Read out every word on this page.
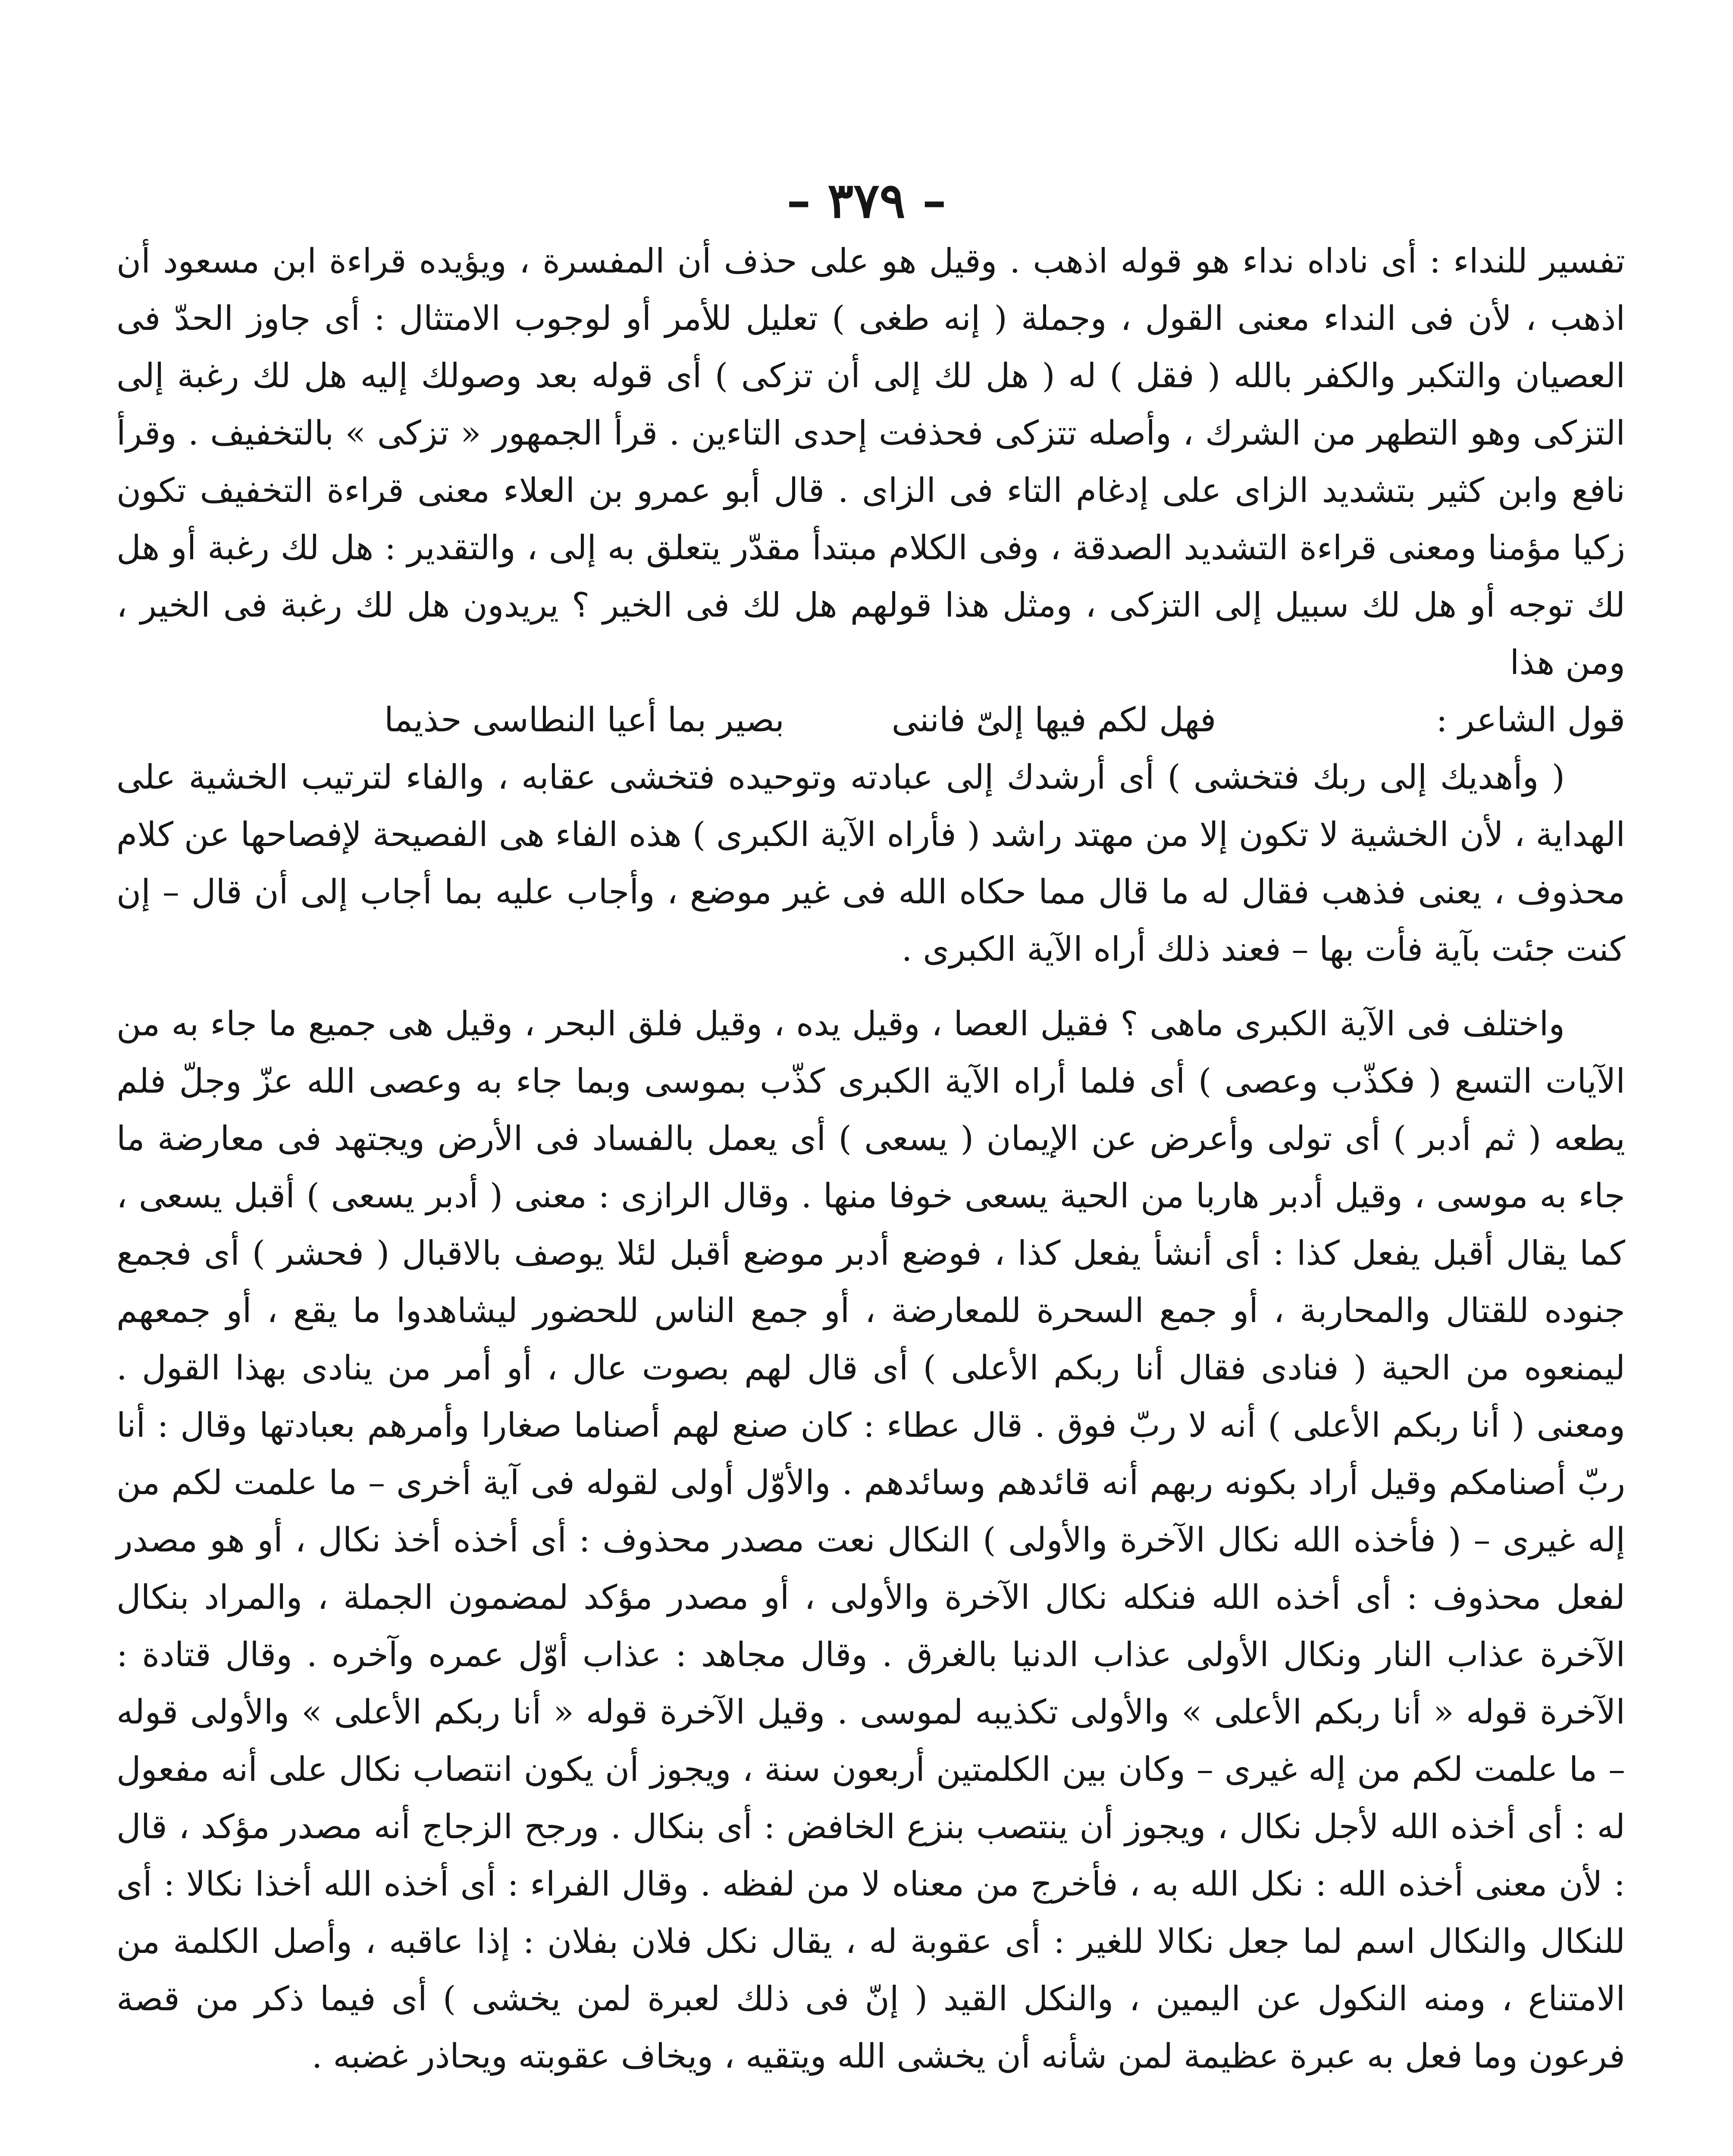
– ٣٧٩ –

تفسير للنداء : أى ناداه نداء هو قوله اذهب . وقيل هو على حذف أن المفسرة ، ويؤيده قراءة ابن مسعود أن اذهب ، لأن فى النداء معنى القول ، وجملة ( إنه طغى ) تعليل للأمر أو لوجوب الامتثال : أى جاوز الحدّ فى العصيان والتكبر والكفر بالله ( فقل ) له ( هل لك إلى أن تزكى ) أى قوله بعد وصولك إليه هل لك رغبة إلى التزكى وهو التطهر من الشرك ، وأصله تتزكى فحذفت إحدى التاءين . قرأ الجمهور « تزكى » بالتخفيف . وقرأ نافع وابن كثير بتشديد الزاى على إدغام التاء فى الزاى . قال أبو عمرو بن العلاء معنى قراءة التخفيف تكون زكيا مؤمنا ومعنى قراءة التشديد الصدقة ، وفى الكلام مبتدأ مقدّر يتعلق به إلى ، والتقدير : هل لك رغبة أو هل لك توجه أو هل لك سبيل إلى التزكى ، ومثل هذا قولهم هل لك فى الخير ؟ يريدون هل لك رغبة فى الخير ، ومن هذا

قول الشاعر :
فهل لكم فيها إلىّ فاننى
بصير بما أعيا النطاسى حذيما

( وأهديك إلى ربك فتخشى ) أى أرشدك إلى عبادته وتوحيده فتخشى عقابه ، والفاء لترتيب الخشية على الهداية ، لأن الخشية لا تكون إلا من مهتد راشد ( فأراه الآية الكبرى ) هذه الفاء هى الفصيحة لإفصاحها عن كلام محذوف ، يعنى فذهب فقال له ما قال مما حكاه الله فى غير موضع ، وأجاب عليه بما أجاب إلى أن قال – إن كنت جئت بآية فأت بها – فعند ذلك أراه الآية الكبرى .

واختلف فى الآية الكبرى ماهى ؟ فقيل العصا ، وقيل يده ، وقيل فلق البحر ، وقيل هى جميع ما جاء به من الآيات التسع ( فكذّب وعصى ) أى فلما أراه الآية الكبرى كذّب بموسى وبما جاء به وعصى الله عزّ وجلّ فلم يطعه ( ثم أدبر ) أى تولى وأعرض عن الإيمان ( يسعى ) أى يعمل بالفساد فى الأرض ويجتهد فى معارضة ما جاء به موسى ، وقيل أدبر هاربا من الحية يسعى خوفا منها . وقال الرازى : معنى ( أدبر يسعى ) أقبل يسعى ، كما يقال أقبل يفعل كذا : أى أنشأ يفعل كذا ، فوضع أدبر موضع أقبل لئلا يوصف بالاقبال ( فحشر ) أى فجمع جنوده للقتال والمحاربة ، أو جمع السحرة للمعارضة ، أو جمع الناس للحضور ليشاهدوا ما يقع ، أو جمعهم ليمنعوه من الحية ( فنادى فقال أنا ربكم الأعلى ) أى قال لهم بصوت عال ، أو أمر من ينادى بهذا القول . ومعنى ( أنا ربكم الأعلى ) أنه لا ربّ فوق . قال عطاء : كان صنع لهم أصناما صغارا وأمرهم بعبادتها وقال : أنا ربّ أصنامكم وقيل أراد بكونه ربهم أنه قائدهم وسائدهم . والأوّل أولى لقوله فى آية أخرى – ما علمت لكم من إله غيرى – ( فأخذه الله نكال الآخرة والأولى ) النكال نعت مصدر محذوف : أى أخذه أخذ نكال ، أو هو مصدر لفعل محذوف : أى أخذه الله فنكله نكال الآخرة والأولى ، أو مصدر مؤكد لمضمون الجملة ، والمراد بنكال الآخرة عذاب النار ونكال الأولى عذاب الدنيا بالغرق . وقال مجاهد : عذاب أوّل عمره وآخره . وقال قتادة : الآخرة قوله « أنا ربكم الأعلى » والأولى تكذيبه لموسى . وقيل الآخرة قوله « أنا ربكم الأعلى » والأولى قوله – ما علمت لكم من إله غيرى – وكان بين الكلمتين أربعون سنة ، ويجوز أن يكون انتصاب نكال على أنه مفعول له : أى أخذه الله لأجل نكال ، ويجوز أن ينتصب بنزع الخافض : أى بنكال . ورجح الزجاج أنه مصدر مؤكد ، قال : لأن معنى أخذه الله : نكل الله به ، فأخرج من معناه لا من لفظه . وقال الفراء : أى أخذه الله أخذا نكالا : أى للنكال والنكال اسم لما جعل نكالا للغير : أى عقوبة له ، يقال نكل فلان بفلان : إذا عاقبه ، وأصل الكلمة من الامتناع ، ومنه النكول عن اليمين ، والنكل القيد ( إنّ فى ذلك لعبرة لمن يخشى ) أى فيما ذكر من قصة فرعون وما فعل به عبرة عظيمة لمن شأنه أن يخشى الله ويتقيه ، ويخاف عقوبته ويحاذر غضبه .
